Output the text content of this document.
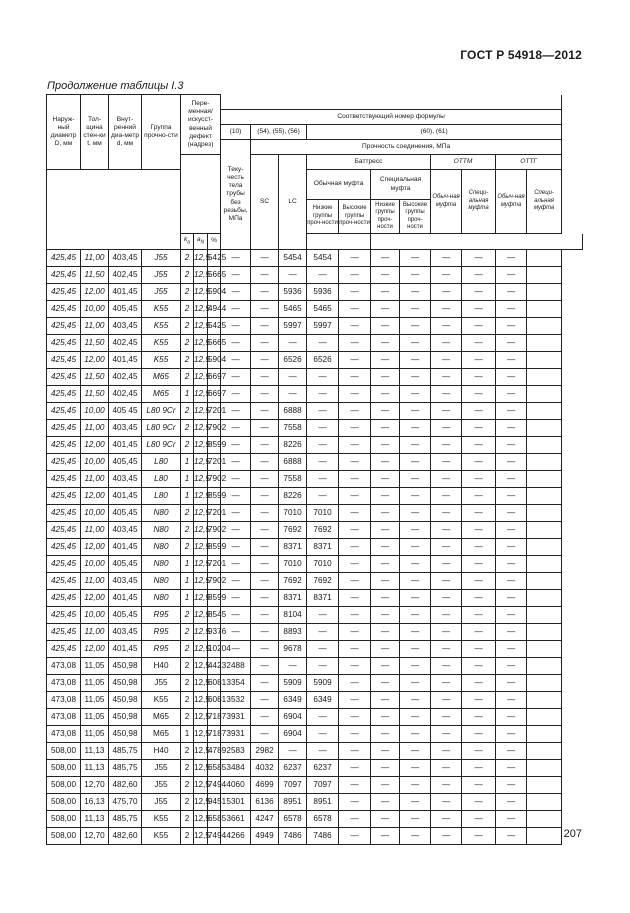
ГОСТ Р 54918—2012
Продолжение таблицы I.3
Наруж-ный диаметр D, мм	Тол-щина стен-ки t, мм	Внут-ренний диа-метр d, мм	Группа прочно-сти	Пере-менная/ искусст-венный дефект (надрез)													
							Соответствующий номер формулы										
							(10)	(54), (55), (56)		(60), (61)							
							Теку-честь тела трубы без резьбы, МПа	Прочность соединения, МПа									
								SC	LC	Баттресс				ОТТМ		ОТТГ	
										Обычная муфта		Специальная муфта		Обыч-ная муфта	Специ-альная муфта	Обыч-ная муфта	Специ-альная муфта
										Низкие группы проч-ности	Высокие группы проч-ности	Низкие группы проч-ности	Высокие группы проч-ности				
				$k_a$	$a_N$	%											
425,45	11,00	403,45	J55	2	12,5	5425	—	—	5454	5454	—	—	—	—	—	—	
425,45	11,50	402,45	J55	2	12,5	5665	—	—	—	—	—	—	—	—	—	—	
425,45	12,00	401,45	J55	2	12,5	5904	—	—	5936	5936	—	—	—	—	—	—	
425,45	10,00	405,45	K55	2	12,5	4944	—	—	5465	5465	—	—	—	—	—	—	
425,45	11,00	403,45	K55	2	12,5	5425	—	—	5997	5997	—	—	—	—	—	—	
425,45	11,50	402,45	K55	2	12,5	5665	—	—	—	—	—	—	—	—	—	—	
425,45	12,00	401,45	K55	2	12,5	5904	—	—	6526	6526	—	—	—	—	—	—	
425,45	11,50	402,45	M65	2	12,5	6697	—	—	—	—	—	—	—	—	—	—	
425,45	11,50	402,45	M65	1	12,5	6697	—	—	—	—	—	—	—	—	—	—	
425,45	10,00	405 45	L80 9Cr	2	12,5	7201	—	—	6888	—	—	—	—	—	—	—	
425,45	11,00	403,45	L80 9Cr	2	12,5	7902	—	—	7558	—	—	—	—	—	—	—	
425,45	12,00	401,45	L80 9Cr	2	12,5	8599	—	—	8226	—	—	—	—	—	—	—	
425,45	10,00	405,45	L80	1	12,5	7201	—	—	6888	—	—	—	—	—	—	—	
425,45	11,00	403,45	L80	1	12,5	7902	—	—	7558	—	—	—	—	—	—	—	
425,45	12,00	401,45	L80	1	12,5	8599	—	—	8226	—	—	—	—	—	—	—	
425,45	10,00	405,45	N80	2	12,5	7201	—	—	7010	7010	—	—	—	—	—	—	
425,45	11,00	403,45	N80	2	12,5	7902	—	—	7692	7692	—	—	—	—	—	—	
425,45	12,00	401,45	N80	2	12,5	8599	—	—	8371	8371	—	—	—	—	—	—	
425,45	10,00	405,45	N80	1	12,5	7201	—	—	7010	7010	—	—	—	—	—	—	
425,45	11,00	403,45	N80	1	12,5	7902	—	—	7692	7692	—	—	—	—	—	—	
425,45	12,00	401,45	N80	1	12,5	8599	—	—	8371	8371	—	—	—	—	—	—	
425,45	10,00	405,45	R95	2	12,5	8545	—	—	8104	—	—	—	—	—	—	—	
425,45	11,00	403,45	R95	2	12,5	9376	—	—	8893	—	—	—	—	—	—	—	
425,45	12,00	401,45	R95	2	12,5	10204	—	—	9678	—	—	—	—	—	—	—	
473,08	11,05	450,98	H40	2	12,5	4423	2488	—	—	—	—	—	—	—	—	—	
473,08	11,05	450,98	J55	2	12,5	6081	3354	—	5909	5909	—	—	—	—	—	—	
473,08	11,05	450,98	K55	2	12,5	6081	3532	—	6349	6349	—	—	—	—	—	—	
473,08	11,05	450,98	M65	2	12,5	7187	3931	—	6904	—	—	—	—	—	—	—	
473,08	11,05	450,98	M65	1	12,5	7187	3931	—	6904	—	—	—	—	—	—	—	
508,00	11,13	485,75	H40	2	12,5	4789	2583	2982	—	—	—	—	—	—	—	—	
508,00	11,13	485,75	J55	2	12,5	6585	3484	4032	6237	6237	—	—	—	—	—	—	
508,00	12,70	482,60	J55	2	12,5	7494	4060	4699	7097	7097	—	—	—	—	—	—	
508,00	16,13	475,70	J55	2	12,5	9451	5301	6136	8951	8951	—	—	—	—	—	—	
508,00	11,13	485,75	K55	2	12,5	6585	3661	4247	6578	6578	—	—	—	—	—	—	
508,00	12,70	482,60	K55	2	12,5	7494	4266	4949	7486	7486	—	—	—	—	—	—		207
